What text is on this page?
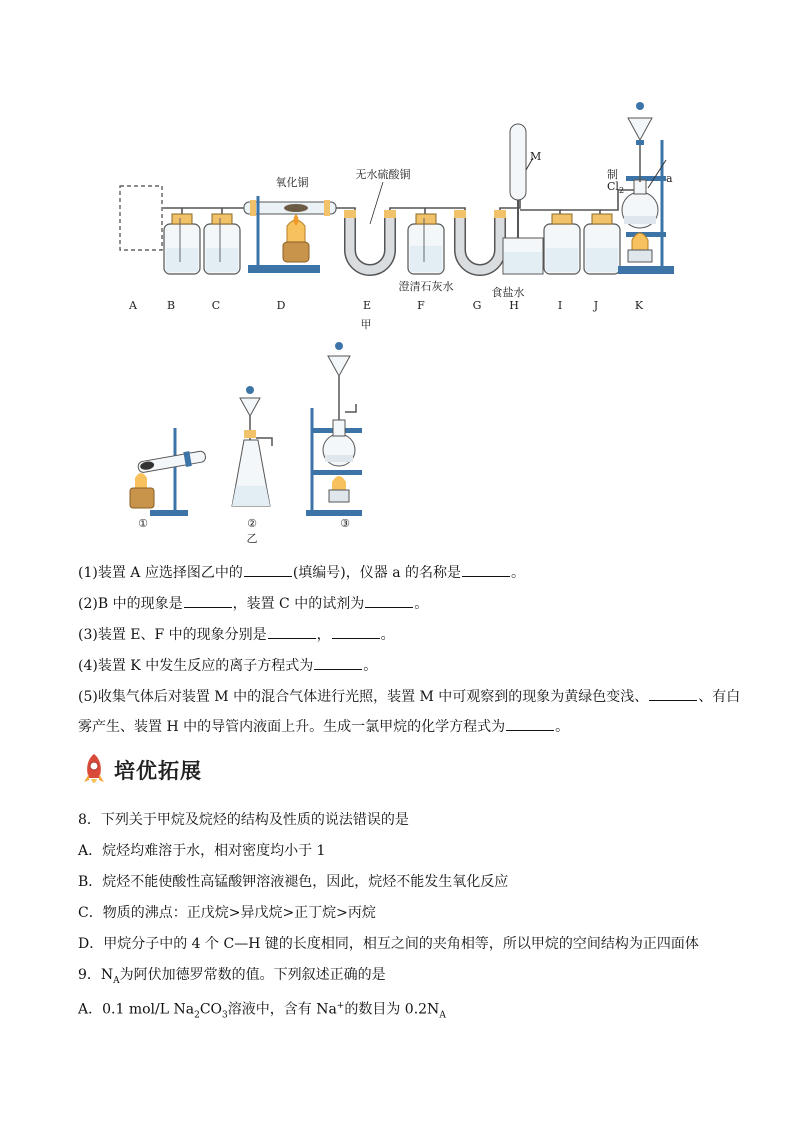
氧化铜
无水硫酸铜
澄清石灰水	食盐水
M
制
$Cl_2$
a
A	B	C	D	E	F	G	H	I	J	K
甲
①	②	③
乙
(1)装置 A 应选择图乙中的	(填编号)，仪器 a 的名称是	。
(2)B 中的现象是	，装置 C 中的试剂为	。
(3)装置 E、F 中的现象分别是	，	。
(4)装置 K 中发生反应的离子方程式为	。
(5)收集气体后对装置 M 中的混合气体进行光照，装置 M 中可观察到的现象为黄绿色变浅、	、有白
雾产生、装置 H 中的导管内液面上升。生成一氯甲烷的化学方程式为	。
培优拓展
8．下列关于甲烷及烷烃的结构及性质的说法错误的是
A．烷烃均难溶于水，相对密度均小于 1
B．烷烃不能使酸性高锰酸钾溶液褪色，因此，烷烃不能发生氧化反应
C．物质的沸点：正戊烷>异戊烷>正丁烷>丙烷
D．甲烷分子中的 4 个 C—H 键的长度相同，相互之间的夹角相等，所以甲烷的空间结构为正四面体
9．$N_A$为阿伏加德罗常数的值。下列叙述正确的是
A．0.1 mol/L $Na_2CO_3$溶液中，含有 Na+的数目为 $0.2N_A$
